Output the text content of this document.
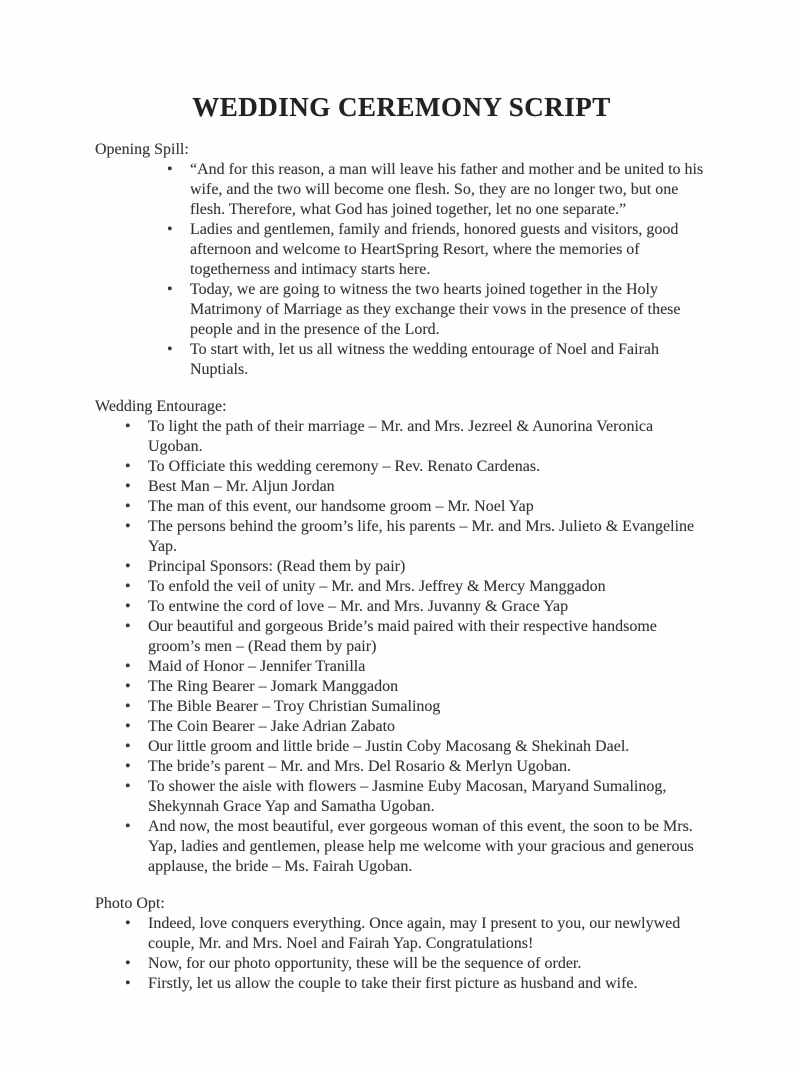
WEDDING CEREMONY SCRIPT
Opening Spill:
• “And for this reason, a man will leave his father and mother and be united to his wife, and the two will become one flesh. So, they are no longer two, but one flesh. Therefore, what God has joined together, let no one separate.”
• Ladies and gentlemen, family and friends, honored guests and visitors, good afternoon and welcome to HeartSpring Resort, where the memories of togetherness and intimacy starts here.
• Today, we are going to witness the two hearts joined together in the Holy Matrimony of Marriage as they exchange their vows in the presence of these people and in the presence of the Lord.
• To start with, let us all witness the wedding entourage of Noel and Fairah Nuptials.
Wedding Entourage:
• To light the path of their marriage – Mr. and Mrs. Jezreel & Aunorina Veronica Ugoban.
• To Officiate this wedding ceremony – Rev. Renato Cardenas.
• Best Man – Mr. Aljun Jordan
• The man of this event, our handsome groom – Mr. Noel Yap
• The persons behind the groom’s life, his parents – Mr. and Mrs. Julieto & Evangeline Yap.
• Principal Sponsors: (Read them by pair)
• To enfold the veil of unity – Mr. and Mrs. Jeffrey & Mercy Manggadon
• To entwine the cord of love – Mr. and Mrs. Juvanny & Grace Yap
• Our beautiful and gorgeous Bride’s maid paired with their respective handsome groom’s men – (Read them by pair)
• Maid of Honor – Jennifer Tranilla
• The Ring Bearer – Jomark Manggadon
• The Bible Bearer – Troy Christian Sumalinog
• The Coin Bearer – Jake Adrian Zabato
• Our little groom and little bride – Justin Coby Macosang & Shekinah Dael.
• The bride’s parent – Mr. and Mrs. Del Rosario & Merlyn Ugoban.
• To shower the aisle with flowers – Jasmine Euby Macosan, Maryand Sumalinog, Shekynnah Grace Yap and Samatha Ugoban.
• And now, the most beautiful, ever gorgeous woman of this event, the soon to be Mrs. Yap, ladies and gentlemen, please help me welcome with your gracious and generous applause, the bride – Ms. Fairah Ugoban.
Photo Opt:
• Indeed, love conquers everything. Once again, may I present to you, our newlywed couple, Mr. and Mrs. Noel and Fairah Yap. Congratulations!
• Now, for our photo opportunity, these will be the sequence of order.
• Firstly, let us allow the couple to take their first picture as husband and wife.
